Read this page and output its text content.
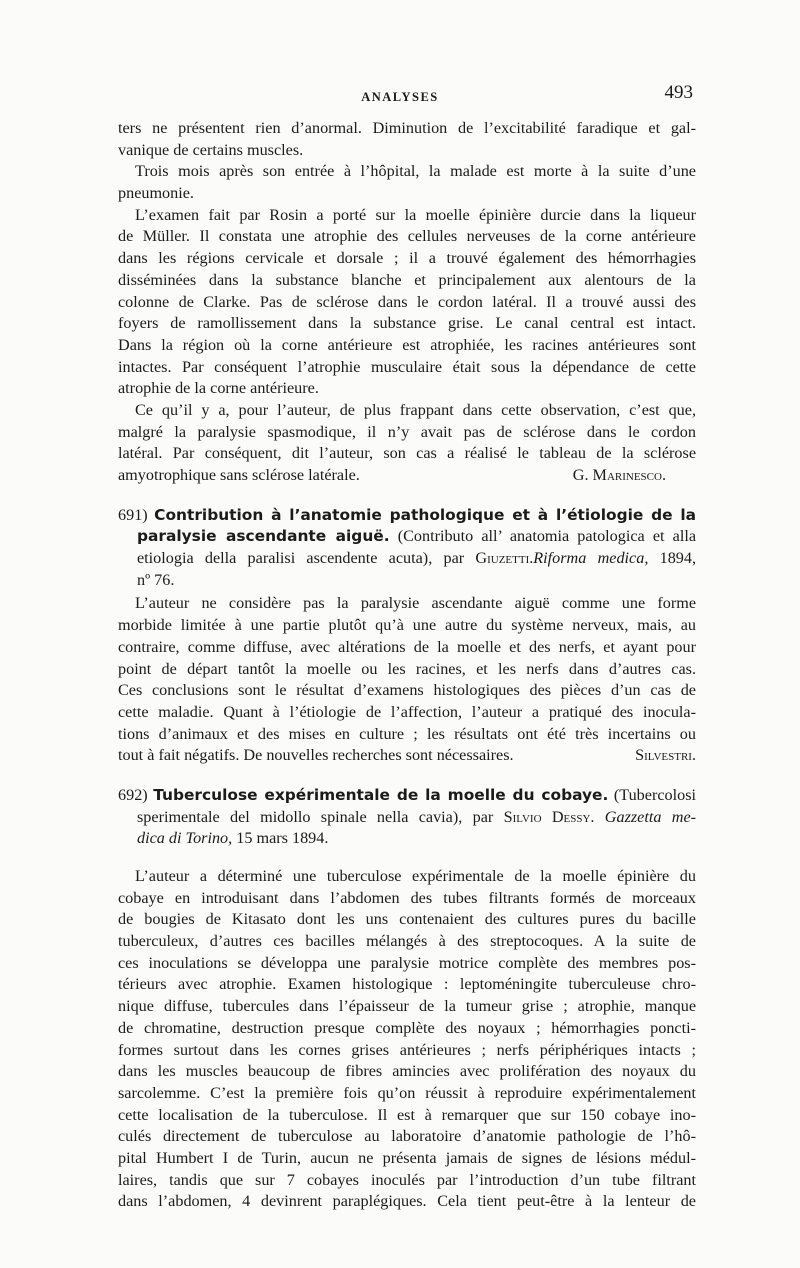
ANALYSES	493
ters ne présentent rien d’anormal. Diminution de l’excitabilité faradique et gal-
vanique de certains muscles.
Trois mois après son entrée à l’hôpital, la malade est morte à la suite d’une
pneumonie.
L’examen fait par Rosin a porté sur la moelle épinière durcie dans la liqueur
de Müller. Il constata une atrophie des cellules nerveuses de la corne antérieure
dans les régions cervicale et dorsale ; il a trouvé également des hémorrhagies
disséminées dans la substance blanche et principalement aux alentours de la
colonne de Clarke. Pas de sclérose dans le cordon latéral. Il a trouvé aussi des
foyers de ramollissement dans la substance grise. Le canal central est intact.
Dans la région où la corne antérieure est atrophiée, les racines antérieures sont
intactes. Par conséquent l’atrophie musculaire était sous la dépendance de cette
atrophie de la corne antérieure.
Ce qu’il y a, pour l’auteur, de plus frappant dans cette observation, c’est que,
malgré la paralysie spasmodique, il n’y avait pas de sclérose dans le cordon
latéral. Par conséquent, dit l’auteur, son cas a réalisé le tableau de la sclérose
amyotrophique sans sclérose latérale.	G. Marinesco.
691) Contribution à l’anatomie pathologique et à l’étiologie de la
paralysie ascendante aiguë. (Contributo all’ anatomia patologica et alla
etiologia della paralisi ascendente acuta), par Giuzetti.Riforma medica, 1894,
nº 76.
L’auteur ne considère pas la paralysie ascendante aiguë comme une forme
morbide limitée à une partie plutôt qu’à une autre du système nerveux, mais, au
contraire, comme diffuse, avec altérations de la moelle et des nerfs, et ayant pour
point de départ tantôt la moelle ou les racines, et les nerfs dans d’autres cas.
Ces conclusions sont le résultat d’examens histologiques des pièces d’un cas de
cette maladie. Quant à l’étiologie de l’affection, l’auteur a pratiqué des inocula-
tions d’animaux et des mises en culture ; les résultats ont été très incertains ou
tout à fait négatifs. De nouvelles recherches sont nécessaires.	Silvestri.
692) Tuberculose expérimentale de la moelle du cobaye. (Tubercolosi
sperimentale del midollo spinale nella cavia), par Silvio Dessy. Gazzetta me-
dica di Torino, 15 mars 1894.
L’auteur a déterminé une tuberculose expérimentale de la moelle épinière du
cobaye en introduisant dans l’abdomen des tubes filtrants formés de morceaux
de bougies de Kitasato dont les uns contenaient des cultures pures du bacille
tuberculeux, d’autres ces bacilles mélangés à des streptocoques. A la suite de
ces inoculations se développa une paralysie motrice complète des membres pos-
térieurs avec atrophie. Examen histologique : leptoméningite tuberculeuse chro-
nique diffuse, tubercules dans l’épaisseur de la tumeur grise ; atrophie, manque
de chromatine, destruction presque complète des noyaux ; hémorrhagies poncti-
formes surtout dans les cornes grises antérieures ; nerfs périphériques intacts ;
dans les muscles beaucoup de fibres amincies avec prolifération des noyaux du
sarcolemme. C’est la première fois qu’on réussit à reproduire expérimentalement
cette localisation de la tuberculose. Il est à remarquer que sur 150 cobaye ino-
culés directement de tuberculose au laboratoire d’anatomie pathologie de l’hô-
pital Humbert I de Turin, aucun ne présenta jamais de signes de lésions médul-
laires, tandis que sur 7 cobayes inoculés par l’introduction d’un tube filtrant
dans l’abdomen, 4 devinrent paraplégiques. Cela tient peut-être à la lenteur de
